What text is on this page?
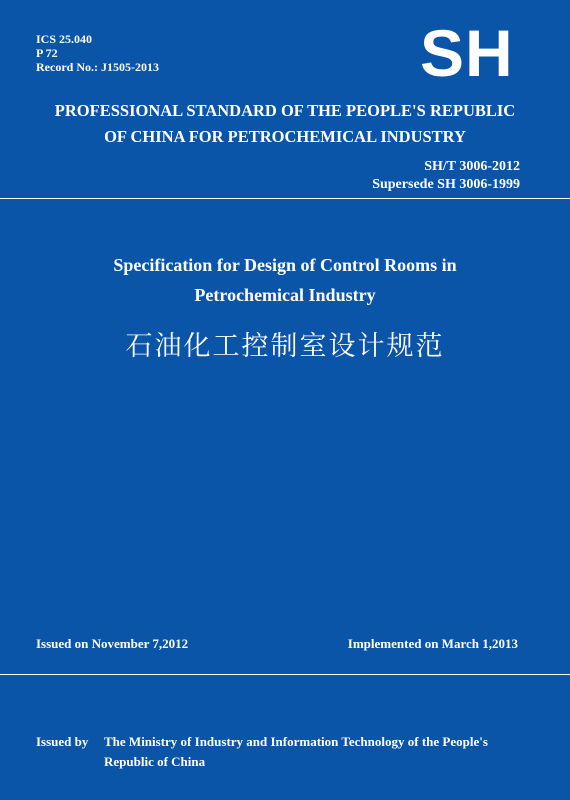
ICS 25.040
P 72
Record No.: J1505-2013	SH
PROFESSIONAL STANDARD OF THE PEOPLE'S REPUBLIC
OF CHINA FOR PETROCHEMICAL INDUSTRY
SH/T 3006-2012
Supersede SH 3006-1999
Specification for Design of Control Rooms in
Petrochemical Industry
石油化工控制室设计规范
Issued on November 7,2012	Implemented on March 1,2013
Issued by The Ministry of Industry and Information Technology of the People's Republic of China
